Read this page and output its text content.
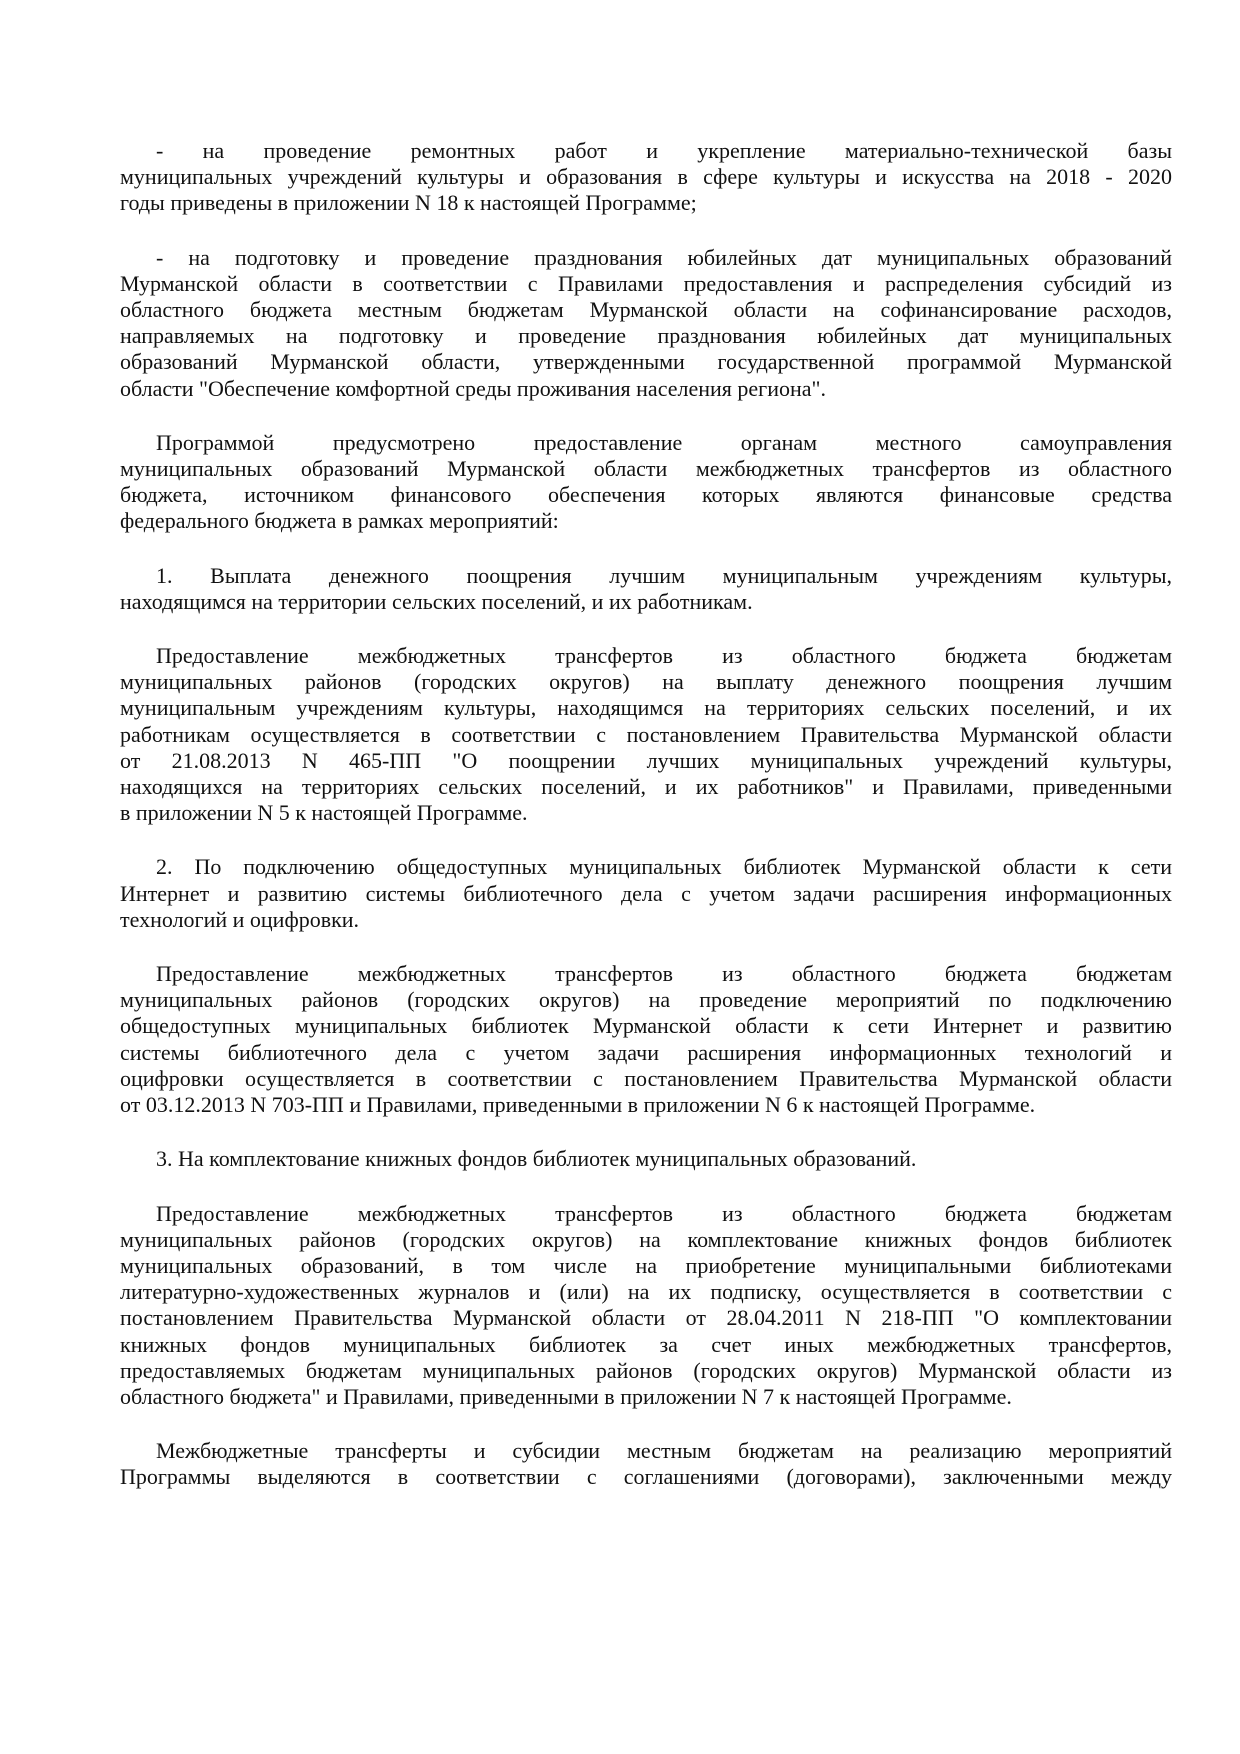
- на проведение ремонтных работ и укрепление материально-технической базы
муниципальных учреждений культуры и образования в сфере культуры и искусства на 2018 - 2020
годы приведены в приложении N 18 к настоящей Программе;
- на подготовку и проведение празднования юбилейных дат муниципальных образований
Мурманской области в соответствии с Правилами предоставления и распределения субсидий из
областного бюджета местным бюджетам Мурманской области на софинансирование расходов,
направляемых на подготовку и проведение празднования юбилейных дат муниципальных
образований Мурманской области, утвержденными государственной программой Мурманской
области "Обеспечение комфортной среды проживания населения региона".
Программой предусмотрено предоставление органам местного самоуправления
муниципальных образований Мурманской области межбюджетных трансфертов из областного
бюджета, источником финансового обеспечения которых являются финансовые средства
федерального бюджета в рамках мероприятий:
1. Выплата денежного поощрения лучшим муниципальным учреждениям культуры,
находящимся на территории сельских поселений, и их работникам.
Предоставление межбюджетных трансфертов из областного бюджета бюджетам
муниципальных районов (городских округов) на выплату денежного поощрения лучшим
муниципальным учреждениям культуры, находящимся на территориях сельских поселений, и их
работникам осуществляется в соответствии с постановлением Правительства Мурманской области
от 21.08.2013 N 465-ПП "О поощрении лучших муниципальных учреждений культуры,
находящихся на территориях сельских поселений, и их работников" и Правилами, приведенными
в приложении N 5 к настоящей Программе.
2. По подключению общедоступных муниципальных библиотек Мурманской области к сети
Интернет и развитию системы библиотечного дела с учетом задачи расширения информационных
технологий и оцифровки.
Предоставление межбюджетных трансфертов из областного бюджета бюджетам
муниципальных районов (городских округов) на проведение мероприятий по подключению
общедоступных муниципальных библиотек Мурманской области к сети Интернет и развитию
системы библиотечного дела с учетом задачи расширения информационных технологий и
оцифровки осуществляется в соответствии с постановлением Правительства Мурманской области
от 03.12.2013 N 703-ПП и Правилами, приведенными в приложении N 6 к настоящей Программе.
3. На комплектование книжных фондов библиотек муниципальных образований.
Предоставление межбюджетных трансфертов из областного бюджета бюджетам
муниципальных районов (городских округов) на комплектование книжных фондов библиотек
муниципальных образований, в том числе на приобретение муниципальными библиотеками
литературно-художественных журналов и (или) на их подписку, осуществляется в соответствии с
постановлением Правительства Мурманской области от 28.04.2011 N 218-ПП "О комплектовании
книжных фондов муниципальных библиотек за счет иных межбюджетных трансфертов,
предоставляемых бюджетам муниципальных районов (городских округов) Мурманской области из
областного бюджета" и Правилами, приведенными в приложении N 7 к настоящей Программе.
Межбюджетные трансферты и субсидии местным бюджетам на реализацию мероприятий
Программы выделяются в соответствии с соглашениями (договорами), заключенными между
